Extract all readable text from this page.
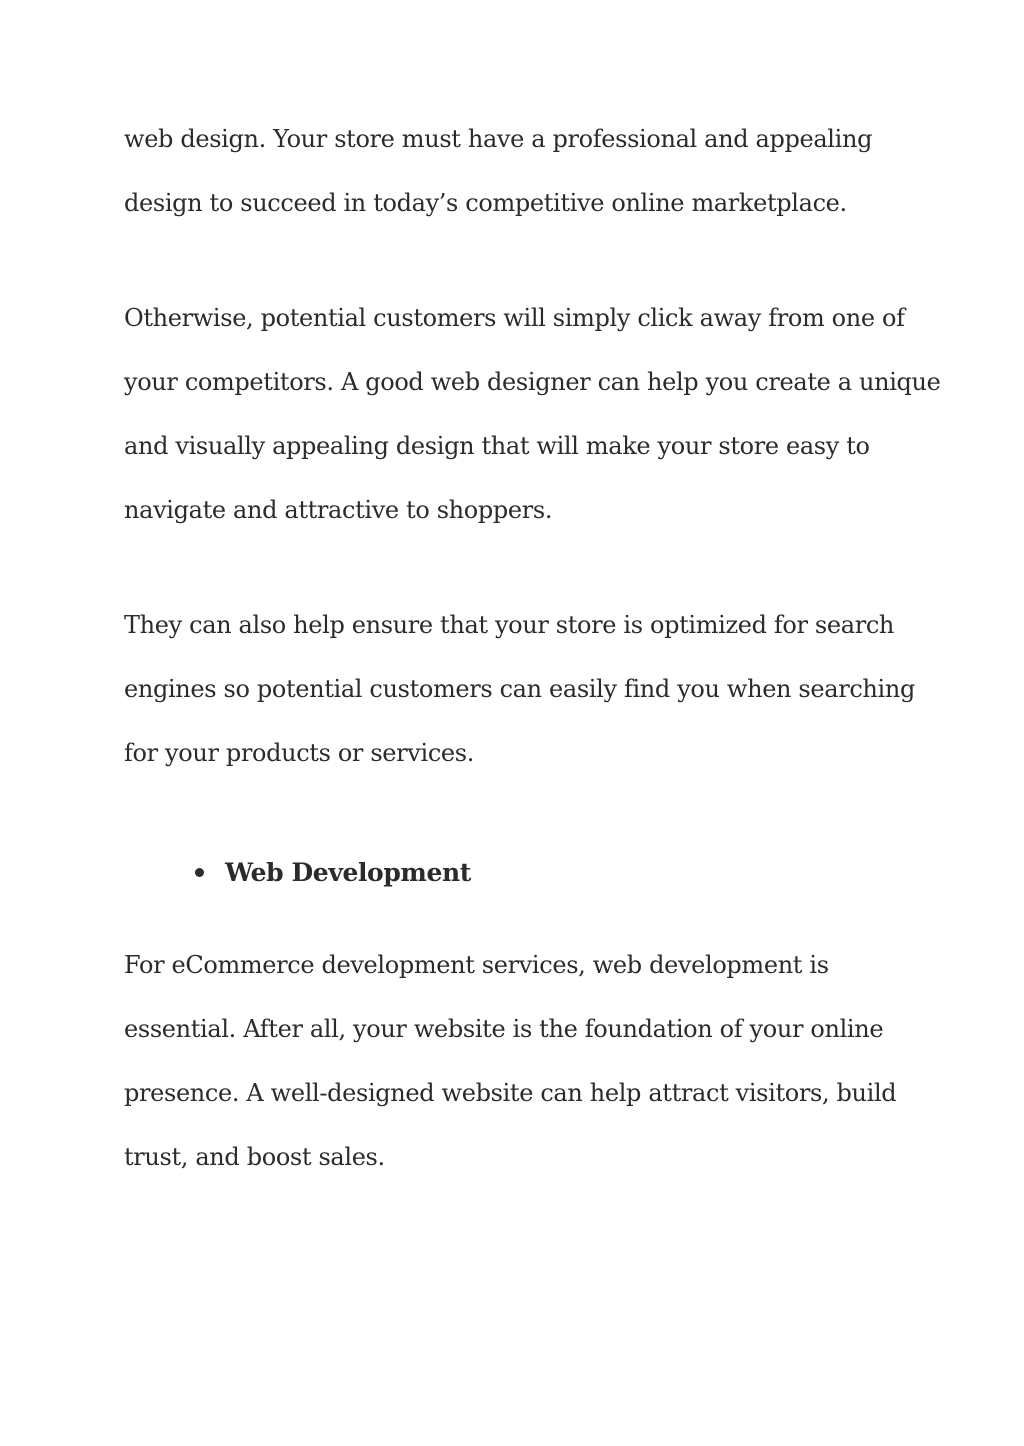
web design. Your store must have a professional and appealing
design to succeed in today’s competitive online marketplace.

Otherwise, potential customers will simply click away from one of
your competitors. A good web designer can help you create a unique
and visually appealing design that will make your store easy to
navigate and attractive to shoppers.

They can also help ensure that your store is optimized for search
engines so potential customers can easily find you when searching
for your products or services.

Web Development

For eCommerce development services, web development is
essential. After all, your website is the foundation of your online
presence. A well-designed website can help attract visitors, build
trust, and boost sales.
